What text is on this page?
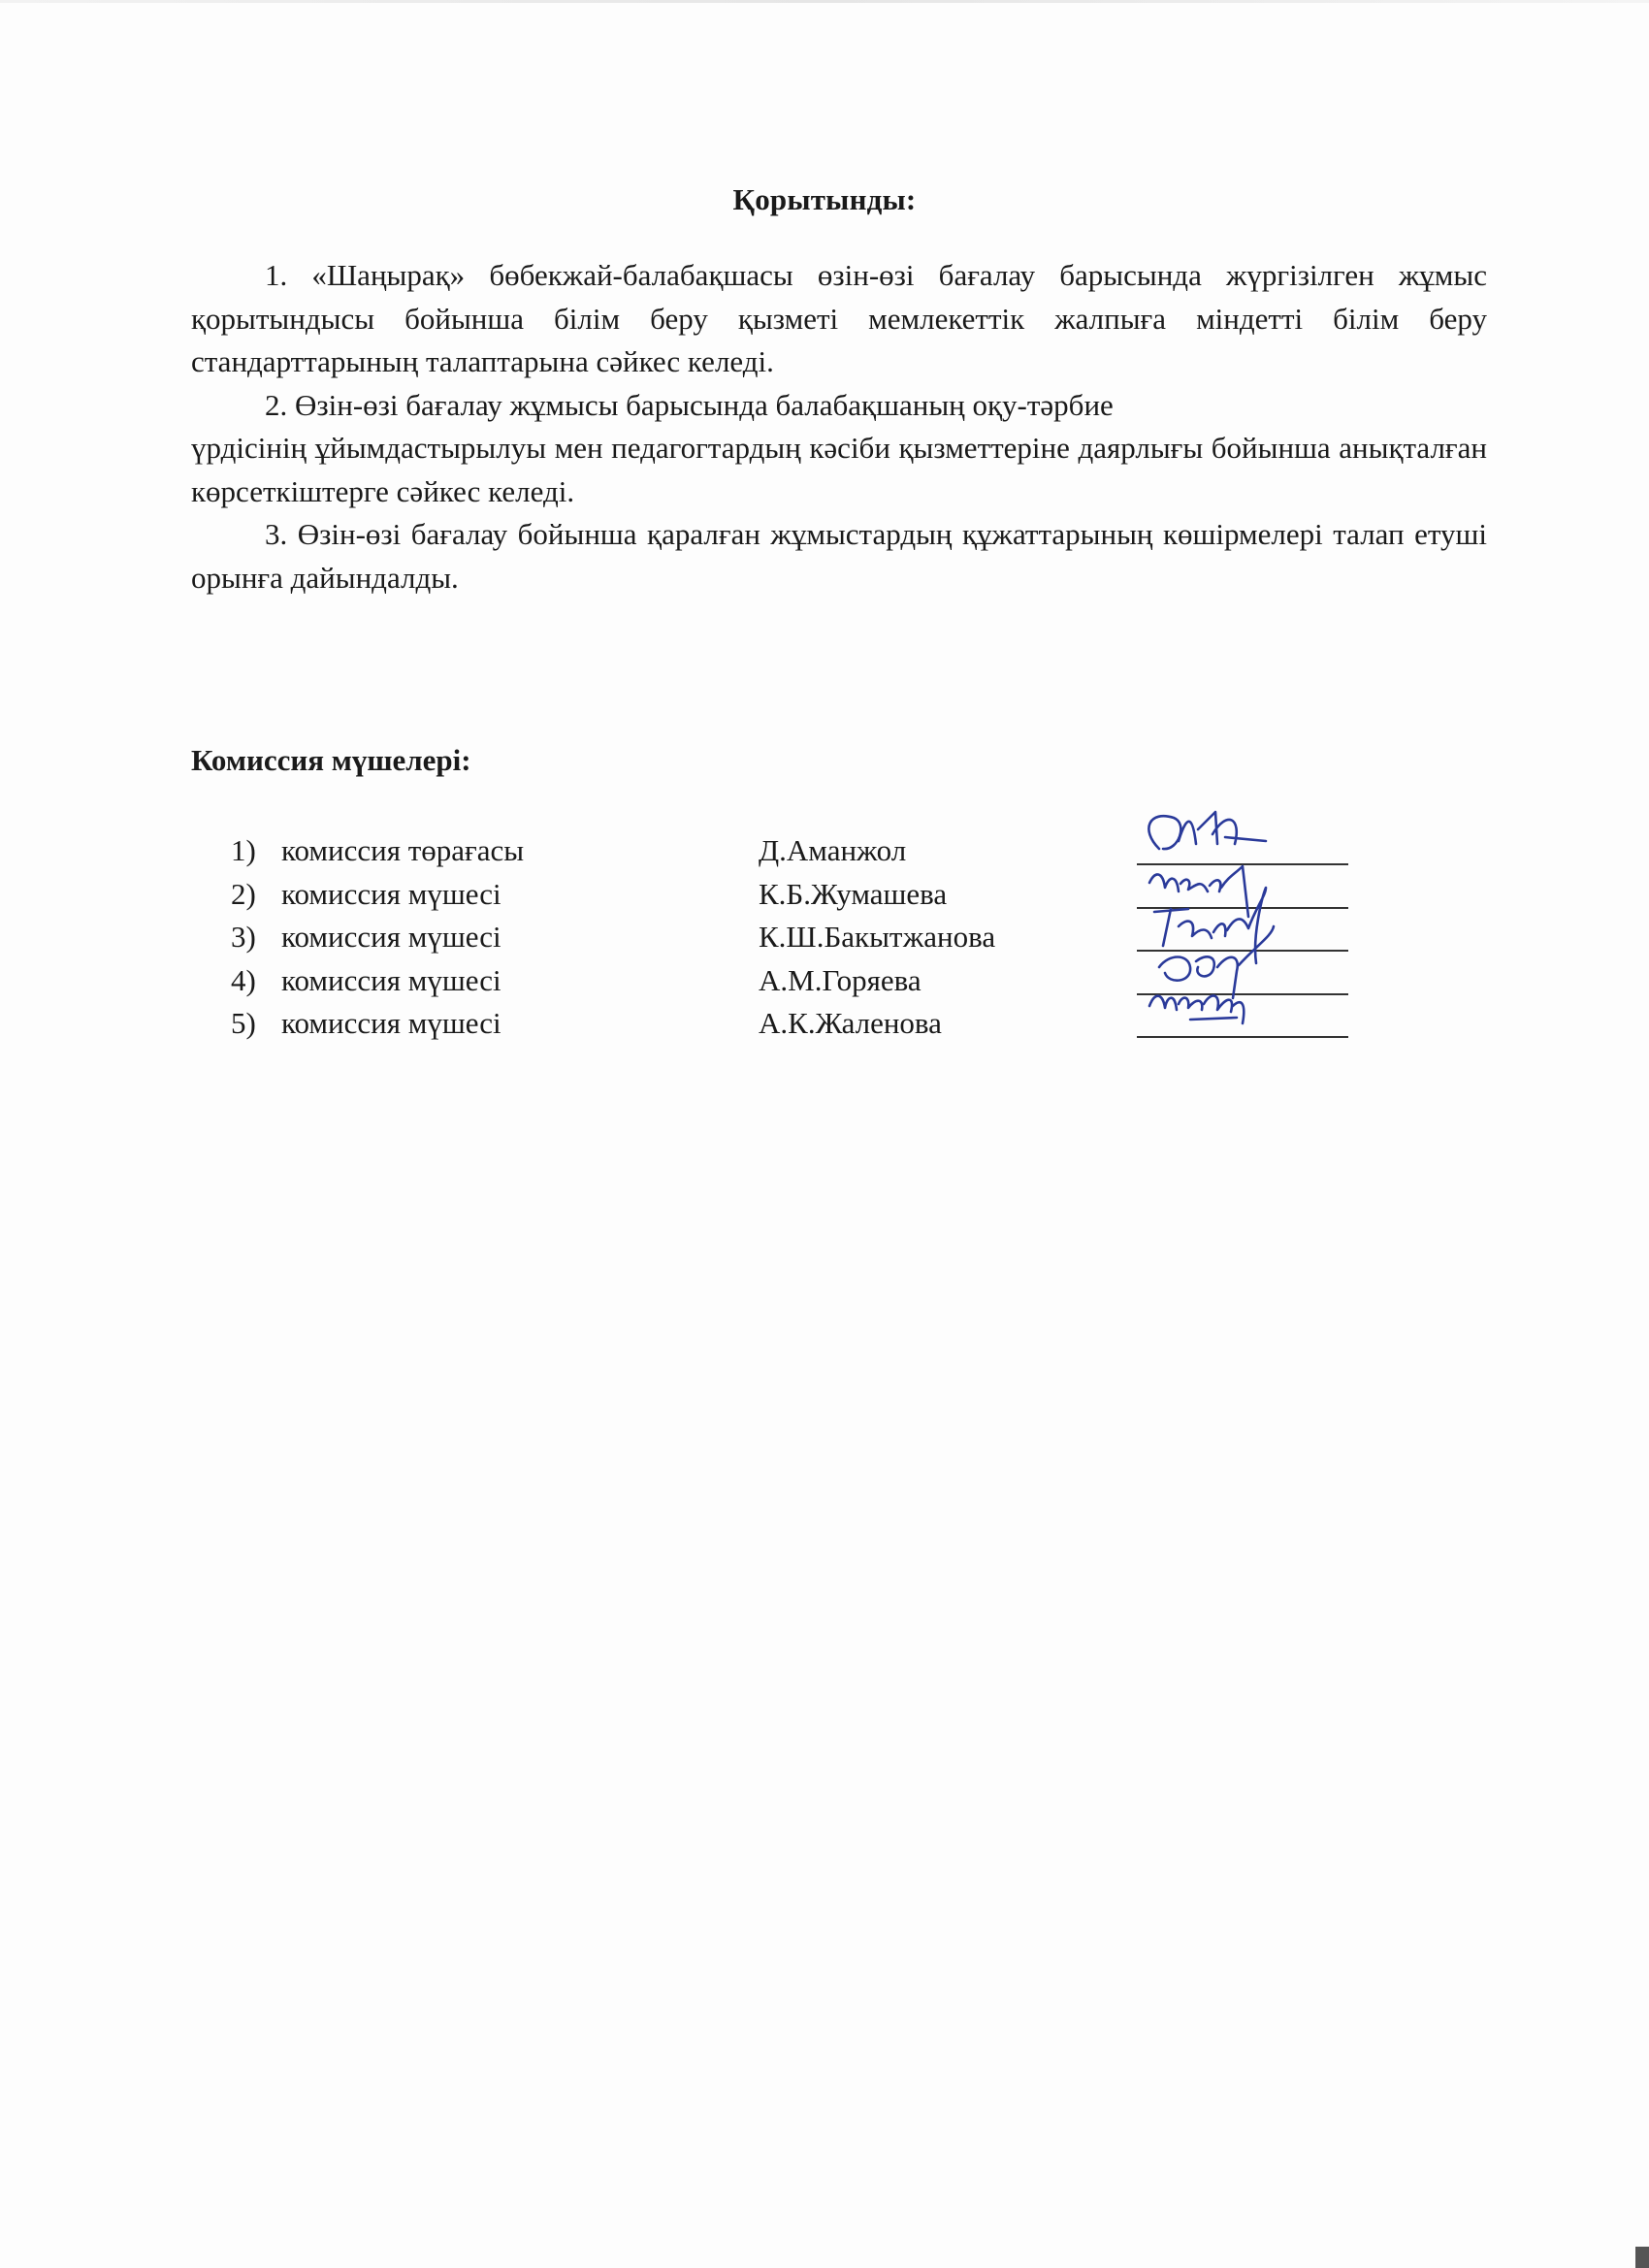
Қорытынды:

1. «Шаңырақ» бөбекжай-балабақшасы өзін-өзі бағалау барысында жүргізілген жұмыс қорытындысы бойынша білім беру қызметі мемлекеттік жалпыға міндетті білім беру стандарттарының талаптарына сәйкес келеді.

2. Өзін-өзі бағалау жұмысы барысында балабақшаның оқу-тәрбие

үрдісінің ұйымдастырылуы мен педагогтардың кәсіби қызметтеріне даярлығы бойынша анықталған көрсеткіштерге сәйкес келеді.

3. Өзін-өзі бағалау бойынша қаралған жұмыстардың құжаттарының көшірмелері талап етуші орынға дайындалды.

Комиссия мүшелері:
1) комиссия төрағасы	Д.Аманжол
2) комиссия мүшесі	К.Б.Жумашева
3) комиссия мүшесі	К.Ш.Бакытжанова
4) комиссия мүшесі	А.М.Горяева
5) комиссия мүшесі	А.К.Жаленова
